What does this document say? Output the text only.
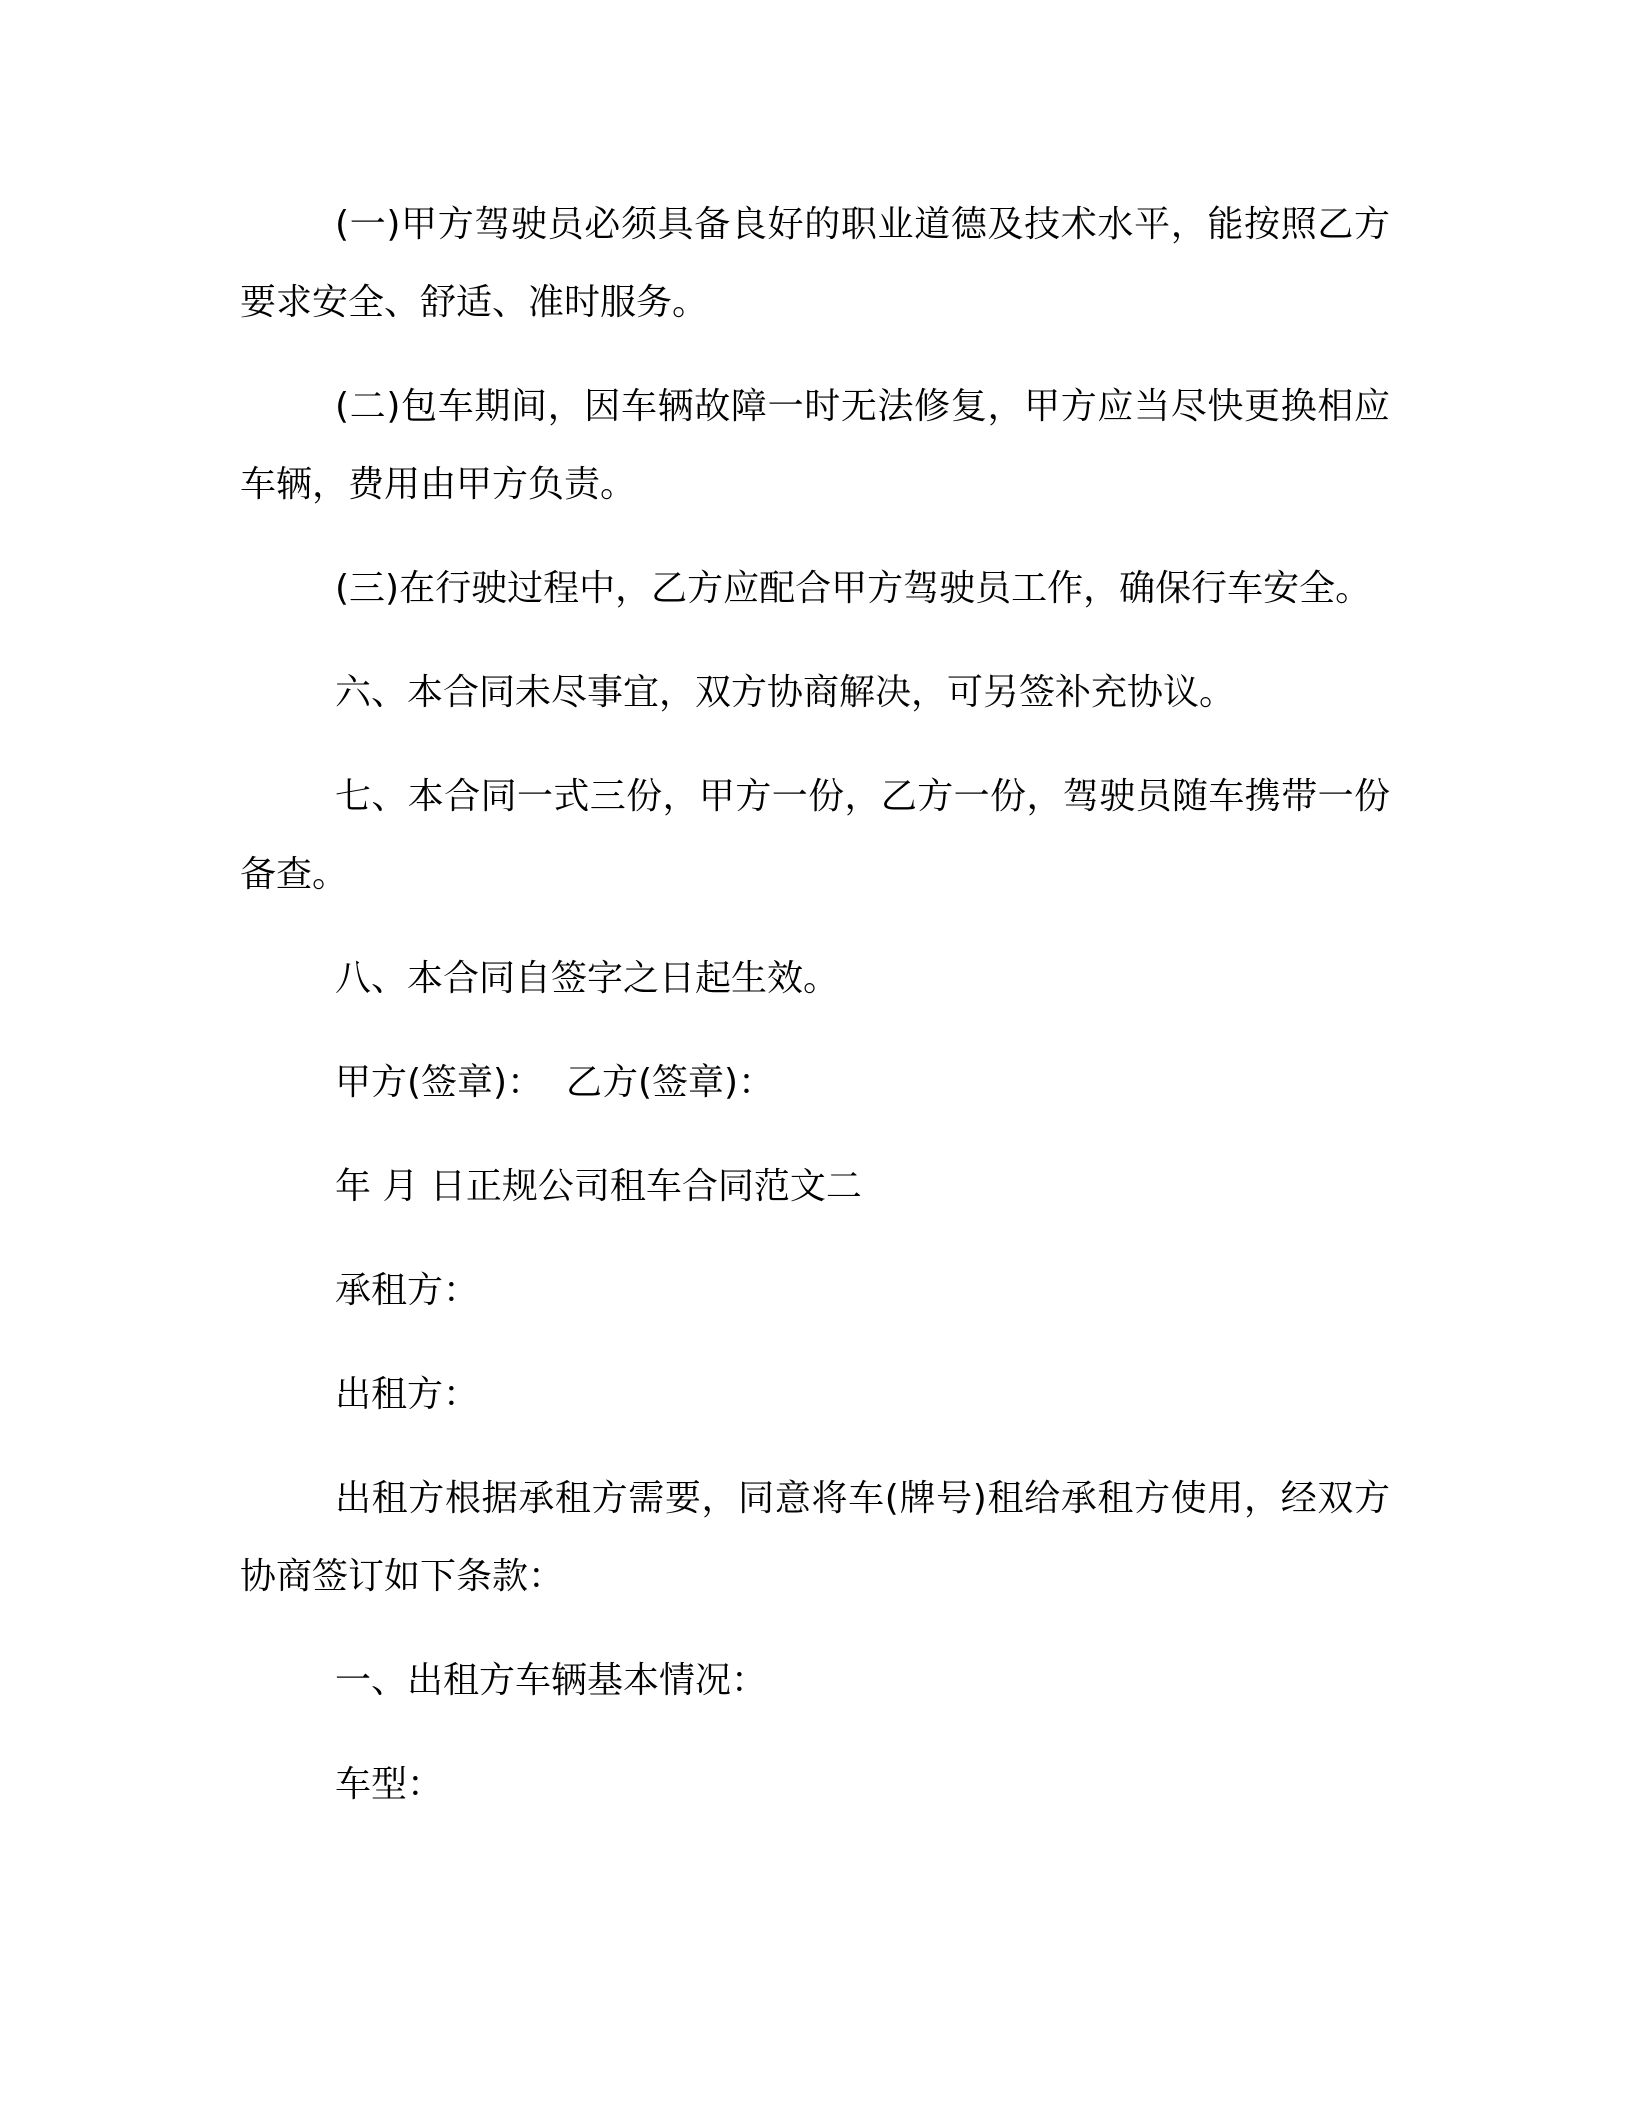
(一)甲方驾驶员必须具备良好的职业道德及技术水平，能按照乙方要求安全、舒适、准时服务。

(二)包车期间，因车辆故障一时无法修复，甲方应当尽快更换相应车辆，费用由甲方负责。

(三)在行驶过程中，乙方应配合甲方驾驶员工作，确保行车安全。

六、本合同未尽事宜，双方协商解决，可另签补充协议。

七、本合同一式三份，甲方一份，乙方一份，驾驶员随车携带一份备查。

八、本合同自签字之日起生效。

甲方(签章)：  乙方(签章)：

年 月 日正规公司租车合同范文二

承租方：

出租方：

出租方根据承租方需要，同意将车(牌号)租给承租方使用，经双方协商签订如下条款：

一、出租方车辆基本情况：

车型：
